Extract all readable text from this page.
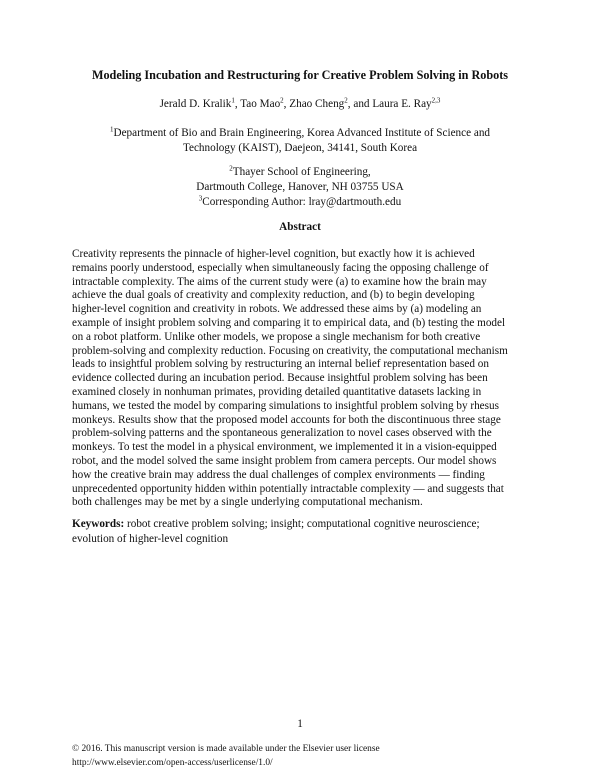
Modeling Incubation and Restructuring for Creative Problem Solving in Robots
Jerald D. Kralik$^1$, Tao Mao$^2$, Zhao Cheng$^2$, and Laura E. Ray$^{2,3}$
$^1$Department of Bio and Brain Engineering, Korea Advanced Institute of Science and
Technology (KAIST), Daejeon, 34141, South Korea
$^2$Thayer School of Engineering,
Dartmouth College, Hanover, NH 03755 USA
$^3$Corresponding Author: lray@dartmouth.edu
Abstract
Creativity represents the pinnacle of higher-level cognition, but exactly how it is achieved
remains poorly understood, especially when simultaneously facing the opposing challenge of
intractable complexity. The aims of the current study were (a) to examine how the brain may
achieve the dual goals of creativity and complexity reduction, and (b) to begin developing
higher-level cognition and creativity in robots. We addressed these aims by (a) modeling an
example of insight problem solving and comparing it to empirical data, and (b) testing the model
on a robot platform. Unlike other models, we propose a single mechanism for both creative
problem-solving and complexity reduction. Focusing on creativity, the computational mechanism
leads to insightful problem solving by restructuring an internal belief representation based on
evidence collected during an incubation period. Because insightful problem solving has been
examined closely in nonhuman primates, providing detailed quantitative datasets lacking in
humans, we tested the model by comparing simulations to insightful problem solving by rhesus
monkeys. Results show that the proposed model accounts for both the discontinuous three stage
problem-solving patterns and the spontaneous generalization to novel cases observed with the
monkeys. To test the model in a physical environment, we implemented it in a vision-equipped
robot, and the model solved the same insight problem from camera percepts. Our model shows
how the creative brain may address the dual challenges of complex environments — finding
unprecedented opportunity hidden within potentially intractable complexity — and suggests that
both challenges may be met by a single underlying computational mechanism.
Keywords: robot creative problem solving; insight; computational cognitive neuroscience;
evolution of higher-level cognition
1
© 2016. This manuscript version is made available under the Elsevier user license
http://www.elsevier.com/open-access/userlicense/1.0/
